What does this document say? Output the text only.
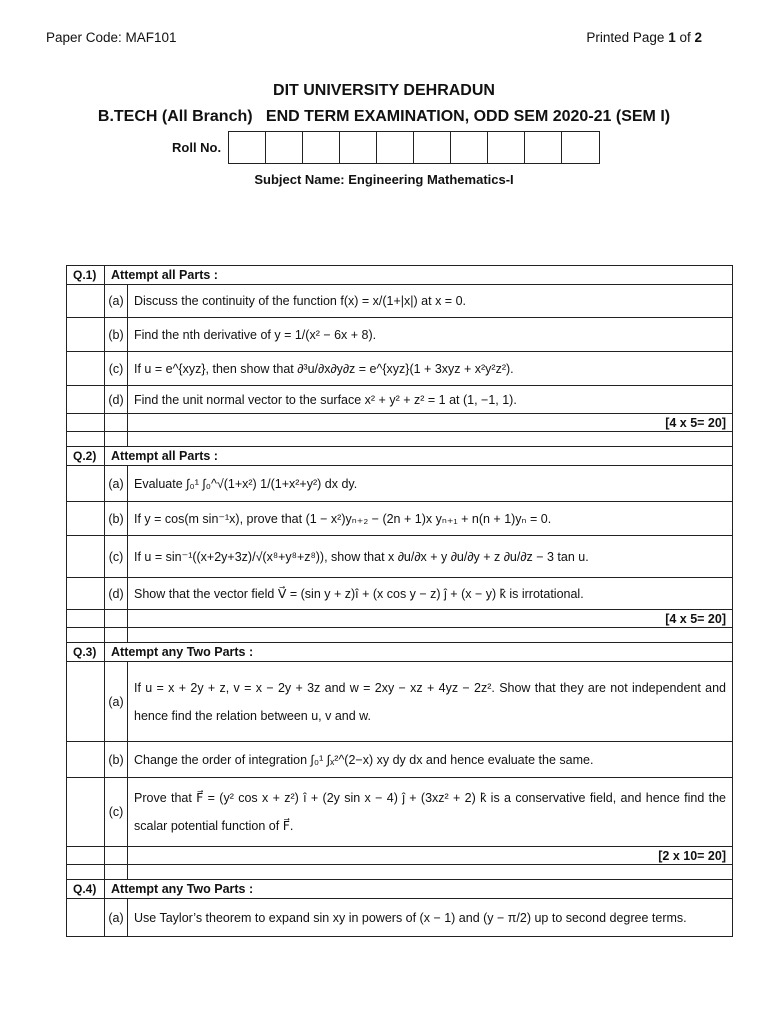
Paper Code: MAF101	Printed Page 1 of 2
DIT UNIVERSITY DEHRADUN
B.TECH (All Branch)   END TERM EXAMINATION, ODD SEM 2020-21 (SEM I)
Roll No.
Subject Name: Engineering Mathematics-I
Q.1)	Attempt all Parts :	
	(a)	Discuss the continuity of the function f(x) = x/(1+|x|) at x = 0.
	(b)	Find the nth derivative of y = 1/(x² − 6x + 8).
	(c)	If u = e^{xyz}, then show that ∂³u/∂x∂y∂z = e^{xyz}(1 + 3xyz + x²y²z²).
	(d)	Find the unit normal vector to the surface x² + y² + z² = 1 at (1, −1, 1).
		[4 x 5= 20]

Q.2)	Attempt all Parts :	
	(a)	Evaluate ∫₀¹ ∫₀^√(1+x²) 1/(1+x²+y²) dx dy.
	(b)	If y = cos(m sin⁻¹x), prove that (1 − x²)yₙ₊₂ − (2n + 1)x yₙ₊₁ + n(n + 1)yₙ = 0.
	(c)	If u = sin⁻¹((x+2y+3z)/√(x⁸+y⁸+z⁸)), show that x ∂u/∂x + y ∂u/∂y + z ∂u/∂z − 3 tan u.
	(d)	Show that the vector field V⃗ = (sin y + z)î + (x cos y − z) ĵ + (x − y) k̂ is irrotational.
		[4 x 5= 20]

Q.3)	Attempt any Two Parts :	
	(a)	If u = x + 2y + z, v = x − 2y + 3z and w = 2xy − xz + 4yz − 2z². Show that they are not independent and hence find the relation between u, v and w.
	(b)	Change the order of integration ∫₀¹ ∫ₓ²^(2−x) xy dy dx and hence evaluate the same.
	(c)	Prove that F⃗ = (y² cos x + z²) î + (2y sin x − 4) ĵ + (3xz² + 2) k̂ is a conservative field, and hence find the scalar potential function of F⃗.
		[2 x 10= 20]

Q.4)	Attempt any Two Parts :	
	(a)	Use Taylor’s theorem to expand sin xy in powers of (x − 1) and (y − π/2) up to second degree terms.
